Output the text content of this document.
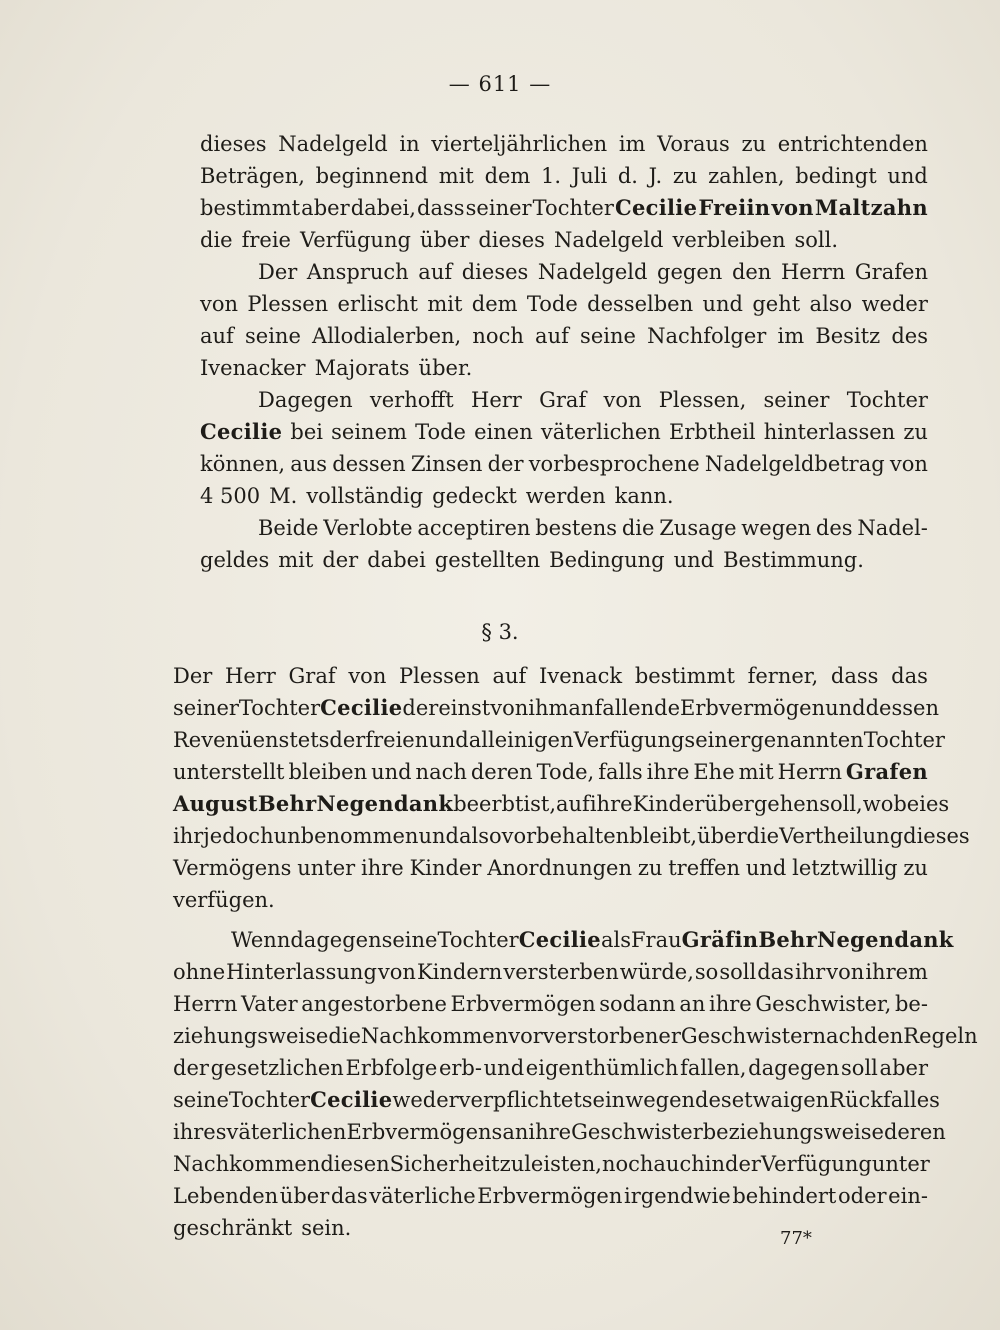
— 611 —
dieses Nadelgeld in vierteljährlichen im Voraus zu entrichtenden
Beträgen, beginnend mit dem 1. Juli d. J. zu zahlen, bedingt und
bestimmt aber dabei, dass seiner Tochter Cecilie Freiin von Maltzahn
die freie Verfügung über dieses Nadelgeld verbleiben soll.
Der Anspruch auf dieses Nadelgeld gegen den Herrn Grafen
von Plessen erlischt mit dem Tode desselben und geht also weder
auf seine Allodialerben, noch auf seine Nachfolger im Besitz des
Ivenacker Majorats über.
Dagegen verhofft Herr Graf von Plessen, seiner Tochter
Cecilie bei seinem Tode einen väterlichen Erbtheil hinterlassen zu
können, aus dessen Zinsen der vorbesprochene Nadelgeldbetrag von
4 500 M. vollständig gedeckt werden kann.
Beide Verlobte acceptiren bestens die Zusage wegen des Nadel-
geldes mit der dabei gestellten Bedingung und Bestimmung.
§ 3.
Der Herr Graf von Plessen auf Ivenack bestimmt ferner, dass das
seiner Tochter Cecilie dereinst von ihm anfallende Erbvermögen und dessen
Revenüen stets der freien und alleinigen Verfügung seiner genannten Tochter
unterstellt bleiben und nach deren Tode, falls ihre Ehe mit Herrn Grafen
August Behr Negendank beerbt ist, auf ihre Kinder übergehen soll, wobei es
ihr jedoch unbenommen und also vorbehalten bleibt, über die Vertheilung dieses
Vermögens unter ihre Kinder Anordnungen zu treffen und letztwillig zu
verfügen.
Wenn dagegen seine Tochter Cecilie als Frau Gräfin Behr Negendank
ohne Hinterlassung von Kindern versterben würde, so soll das ihr von ihrem
Herrn Vater angestorbene Erbvermögen sodann an ihre Geschwister, be-
ziehungsweise die Nachkommen vorverstorbener Geschwister nach den Regeln
der gesetzlichen Erbfolge erb- und eigenthümlich fallen, dagegen soll aber
seine Tochter Cecilie weder verpflichtet sein wegen des etwaigen Rückfalles
ihres väterlichen Erbvermögens an ihre Geschwister beziehungsweise deren
Nachkommen diesen Sicherheit zu leisten, noch auch in der Verfügung unter
Lebenden über das väterliche Erbvermögen irgendwie behindert oder ein-
geschränkt sein.	77*
